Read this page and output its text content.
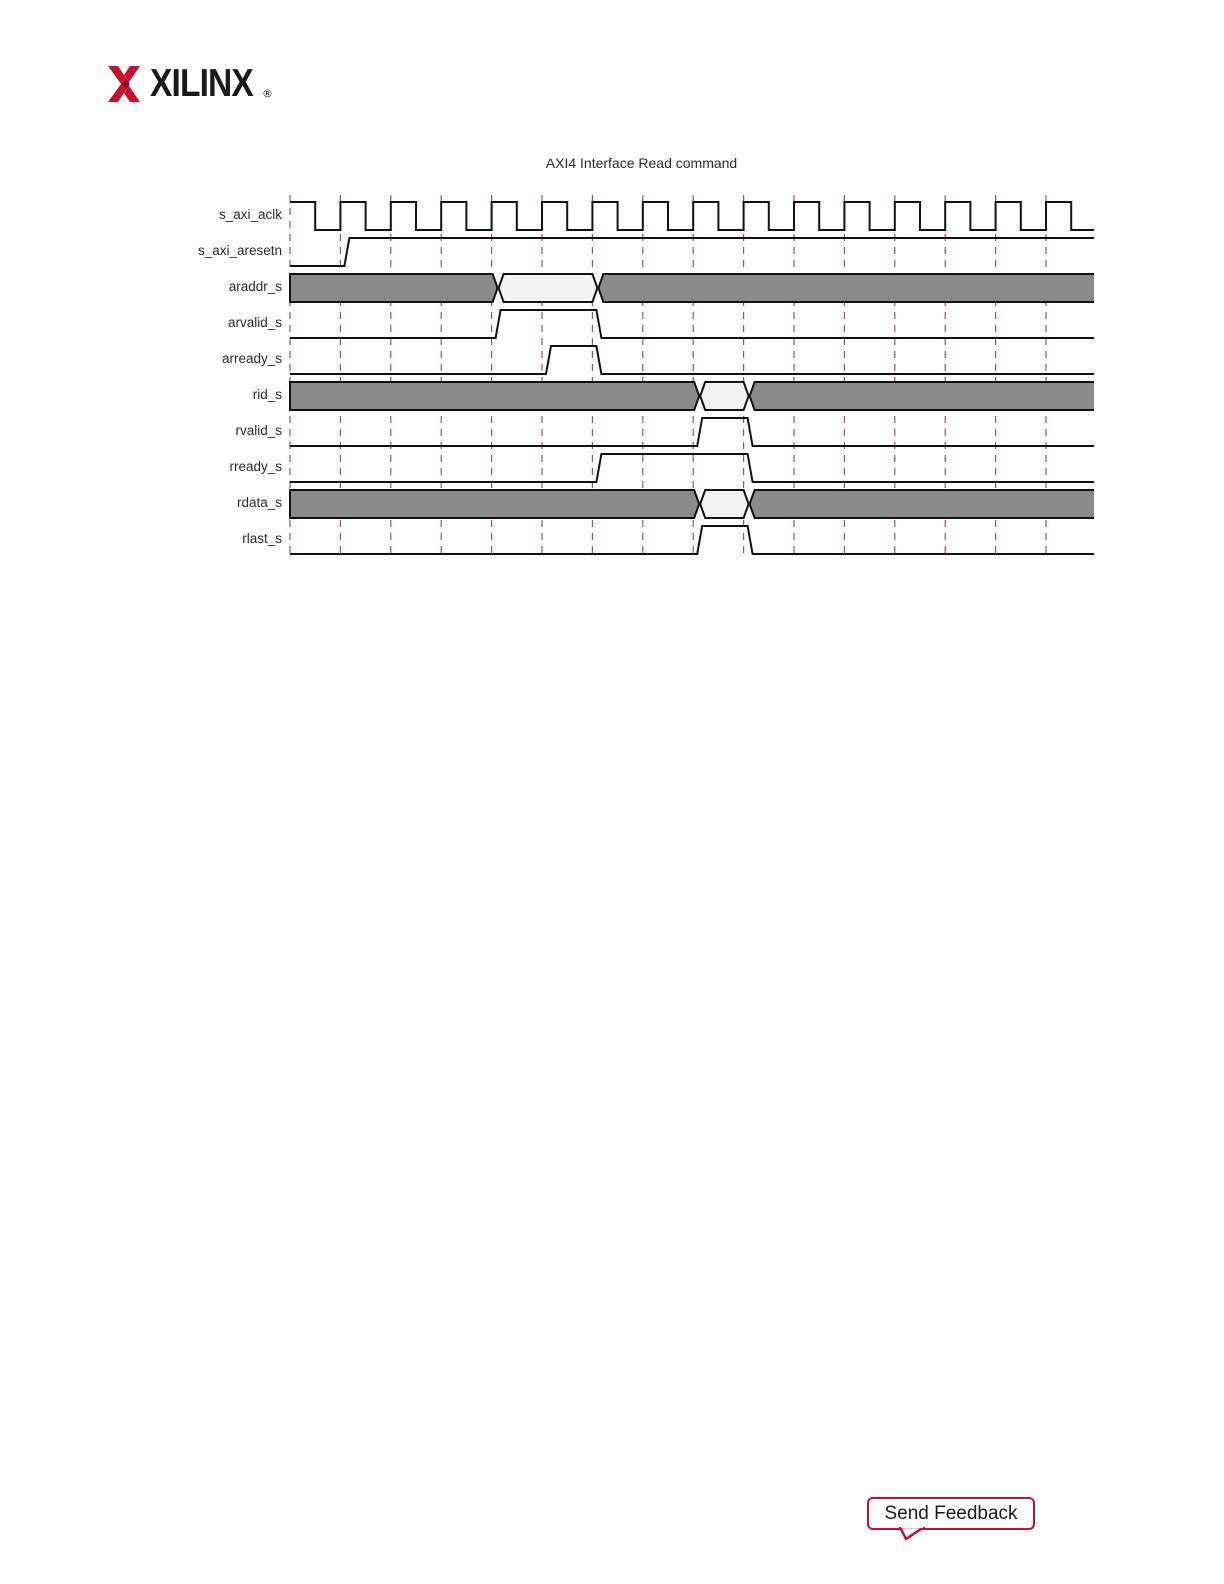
XILINX ®
AXI4 Interface Read command
s_axi_aclk
s_axi_aresetn
araddr_s
arvalid_s
arready_s
rid_s
rvalid_s
rready_s
rdata_s
rlast_s
Send Feedback
